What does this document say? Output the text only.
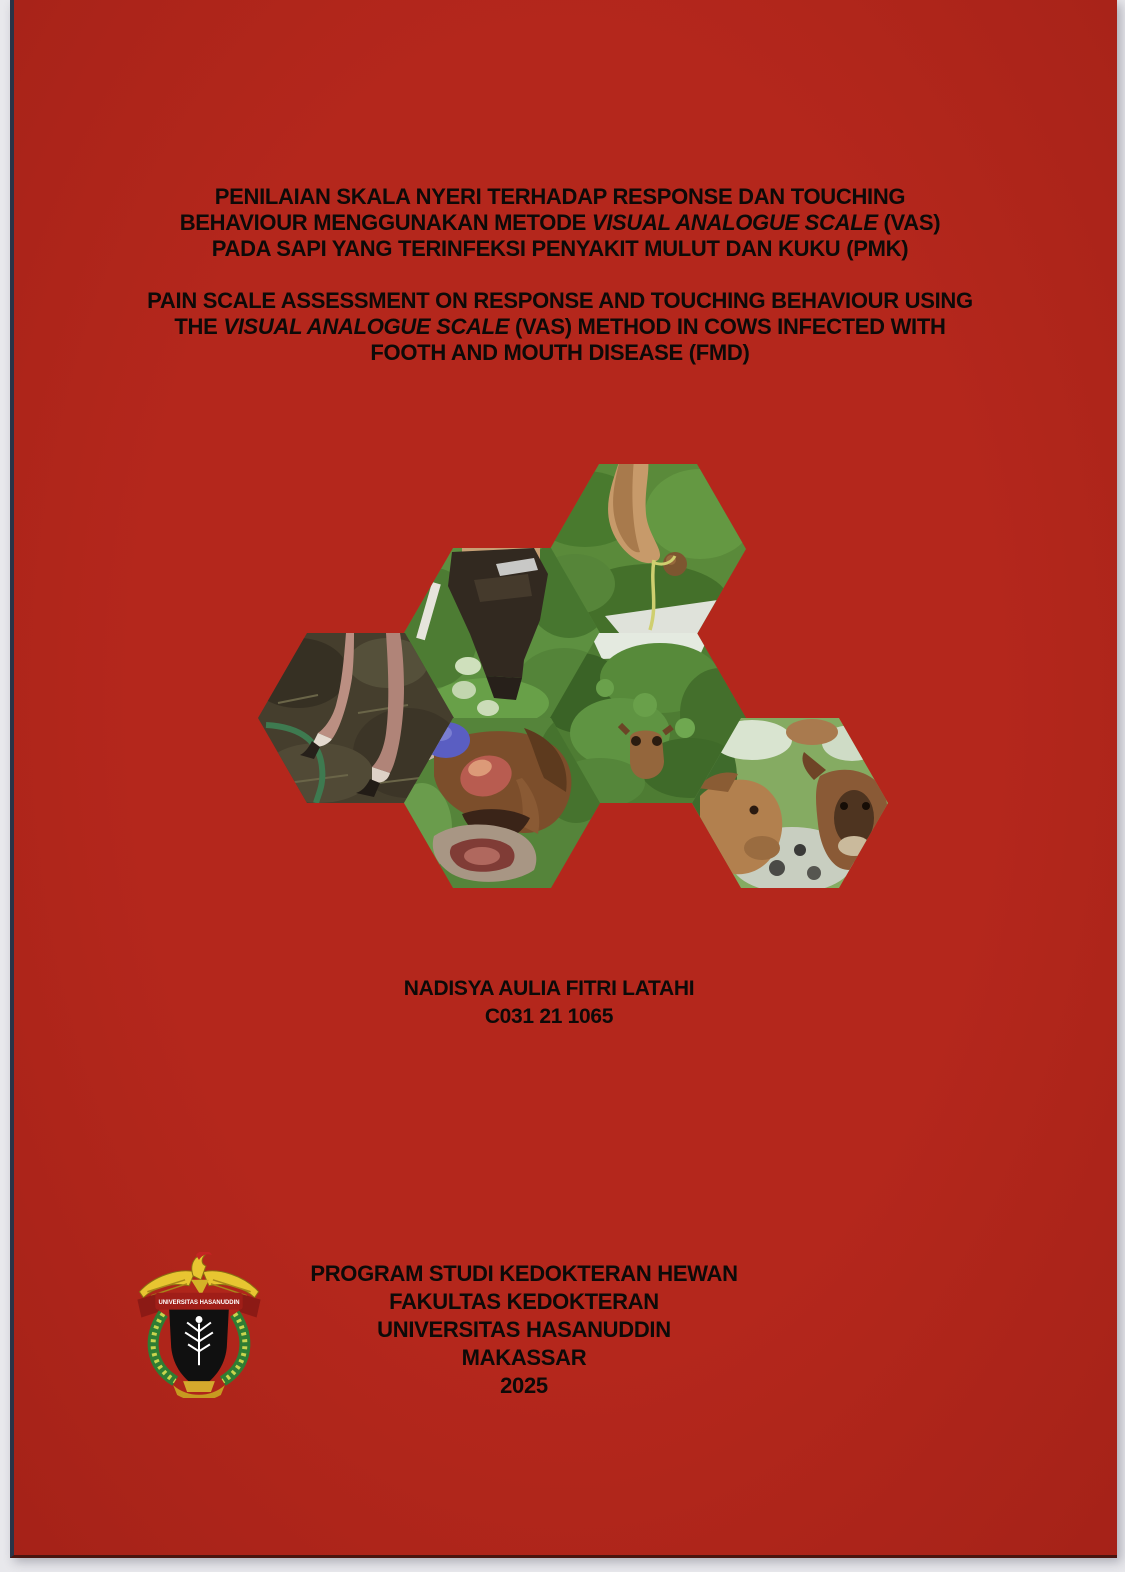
PENILAIAN SKALA NYERI TERHADAP RESPONSE DAN TOUCHING
BEHAVIOUR MENGGUNAKAN METODE VISUAL ANALOGUE SCALE (VAS)
PADA SAPI YANG TERINFEKSI PENYAKIT MULUT DAN KUKU (PMK)
PAIN SCALE ASSESSMENT ON RESPONSE AND TOUCHING BEHAVIOUR USING
THE VISUAL ANALOGUE SCALE (VAS) METHOD IN COWS INFECTED WITH
FOOTH AND MOUTH DISEASE (FMD)
NADISYA AULIA FITRI LATAHI
C031 21 1065
UNIVERSITAS HASANUDDIN
PROGRAM STUDI KEDOKTERAN HEWAN
FAKULTAS KEDOKTERAN
UNIVERSITAS HASANUDDIN
MAKASSAR
2025
